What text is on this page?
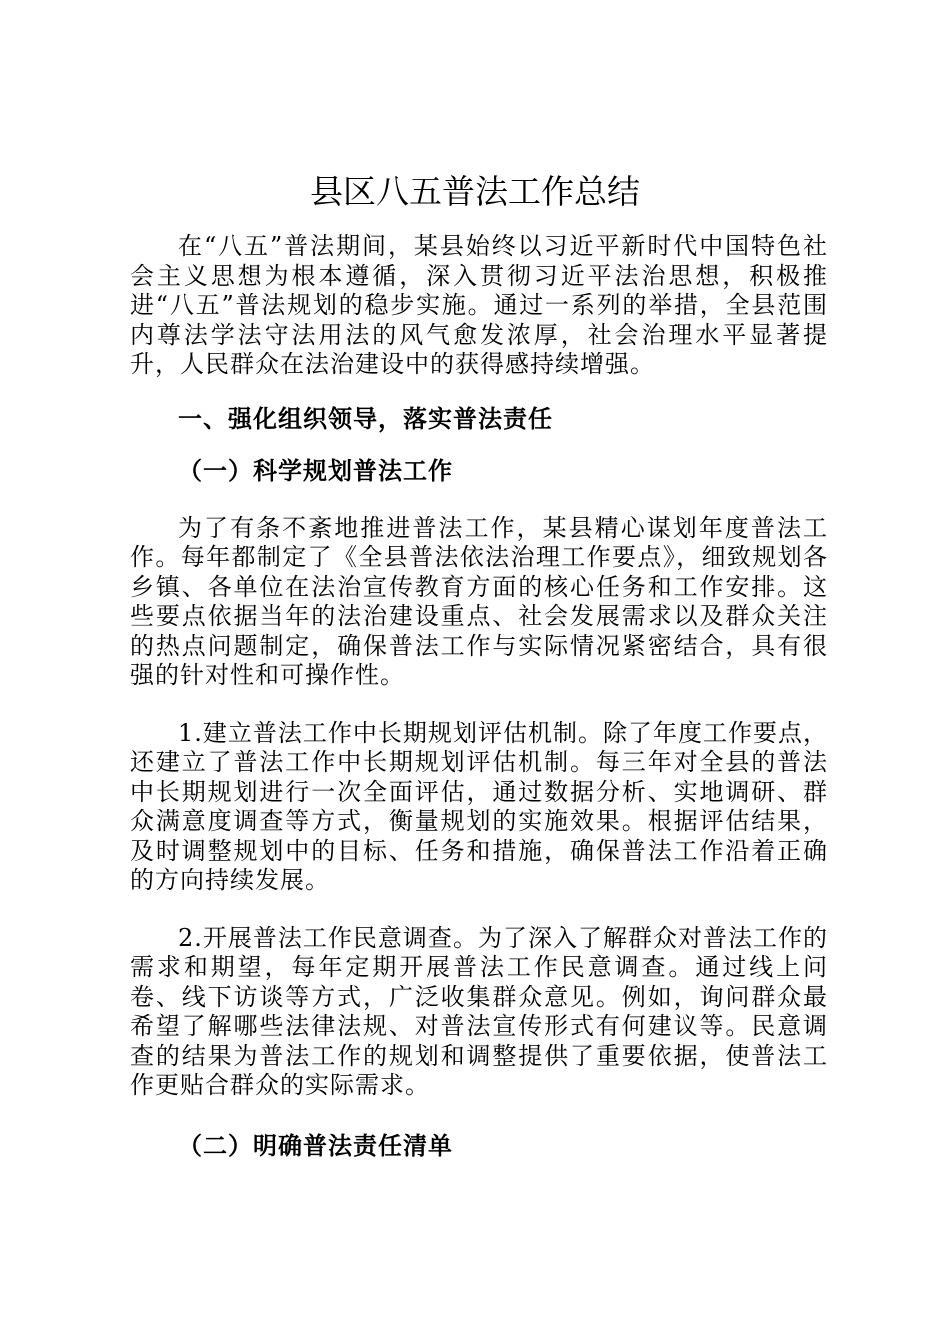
县区八五普法工作总结

在“八五”普法期间，某县始终以习近平新时代中国特色社会主义思想为根本遵循，深入贯彻习近平法治思想，积极推进“八五”普法规划的稳步实施。通过一系列的举措，全县范围内尊法学法守法用法的风气愈发浓厚，社会治理水平显著提升，人民群众在法治建设中的获得感持续增强。

一、强化组织领导，落实普法责任

（一）科学规划普法工作

为了有条不紊地推进普法工作，某县精心谋划年度普法工作。每年都制定了《全县普法依法治理工作要点》，细致规划各乡镇、各单位在法治宣传教育方面的核心任务和工作安排。这些要点依据当年的法治建设重点、社会发展需求以及群众关注的热点问题制定，确保普法工作与实际情况紧密结合，具有很强的针对性和可操作性。

1.建立普法工作中长期规划评估机制。除了年度工作要点，还建立了普法工作中长期规划评估机制。每三年对全县的普法中长期规划进行一次全面评估，通过数据分析、实地调研、群众满意度调查等方式，衡量规划的实施效果。根据评估结果，及时调整规划中的目标、任务和措施，确保普法工作沿着正确的方向持续发展。

2.开展普法工作民意调查。为了深入了解群众对普法工作的需求和期望，每年定期开展普法工作民意调查。通过线上问卷、线下访谈等方式，广泛收集群众意见。例如，询问群众最希望了解哪些法律法规、对普法宣传形式有何建议等。民意调查的结果为普法工作的规划和调整提供了重要依据，使普法工作更贴合群众的实际需求。

（二）明确普法责任清单
